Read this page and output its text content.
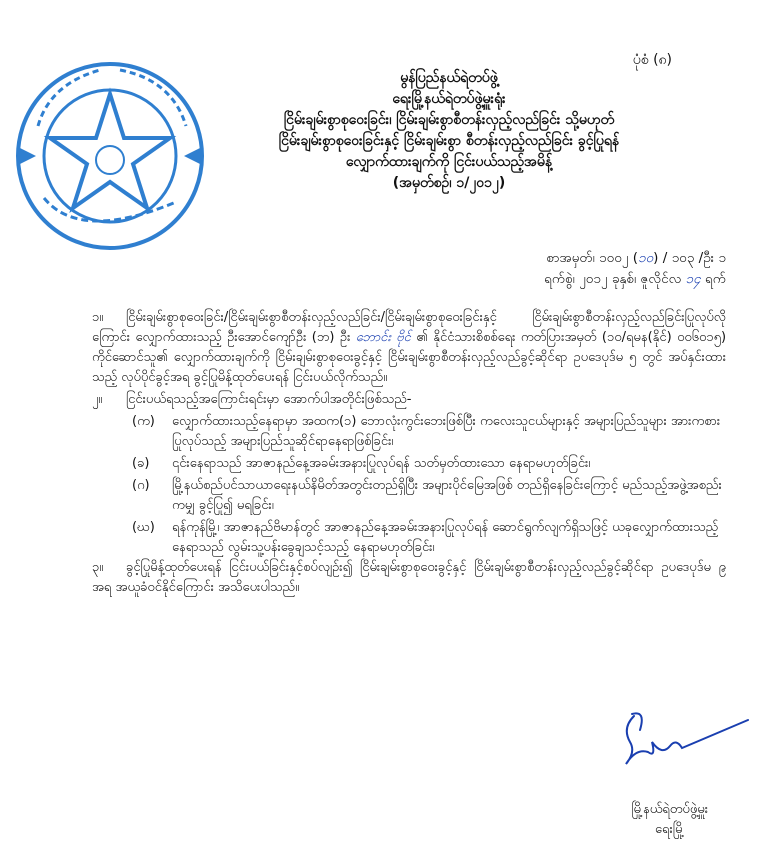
ပုံစံ (၈)
မွန်ပြည်နယ်ရဲတပ်ဖွဲ့
ရေးမြို့နယ်ရဲတပ်ဖွဲ့မှူးရုံး
ငြိမ်းချမ်းစွာစုဝေးခြင်း၊ ငြိမ်းချမ်းစွာစီတန်းလှည့်လည်ခြင်း သို့မဟုတ်
ငြိမ်းချမ်းစွာစုဝေးခြင်းနှင့် ငြိမ်းချမ်းစွာ စီတန်းလှည့်လည်ခြင်း ခွင့်ပြုရန်
လျှောက်ထားချက်ကို ငြင်းပယ်သည့်အမိန့်
(အမှတ်စဉ်၊ ၁/၂၀၁၂)
စာအမှတ်၊ ၁၀၀၂ (၁၀) / ၁၀၃ /ဦး ၁
ရက်စွဲ၊ ၂၀၁၂ ခုနှစ်၊ ဇူလိုင်လ ၁၄ ရက်

၁။ ငြိမ်းချမ်းစွာစုဝေးခြင်း/ငြိမ်းချမ်းစွာစီတန်းလှည့်လည်ခြင်း/ငြိမ်းချမ်းစွာစုဝေးခြင်းနှင့် ငြိမ်းချမ်းစွာစီတန်းလှည့်လည်ခြင်းပြုလုပ်လိုကြောင်း လျှောက်ထားသည့် ဦးအောင်ကျော်ဦး (ဘ) ဦး ဘောင်း ဗိုင် ၏ နိုင်ငံသားစိစစ်ရေး ကတ်ပြားအမှတ် (၁၀/ရမန(နိုင်) ၀၀၆၀၁၅) ကိုင်ဆောင်သူ၏ လျှောက်ထားချက်ကို ငြိမ်းချမ်းစွာစုဝေးခွင့်နှင့် ငြိမ်းချမ်းစွာစီတန်းလှည့်လည်ခွင့်ဆိုင်ရာ ဥပဒေပုဒ်မ ၅ တွင် အပ်နှင်းထားသည့် လုပ်ပိုင်ခွင့်အရ ခွင့်ပြုမိန့်ထုတ်ပေးရန် ငြင်းပယ်လိုက်သည်။

၂။ ငြင်းပယ်ရသည့်အကြောင်းရင်းမှာ အောက်ပါအတိုင်းဖြစ်သည်-

(က)	လျှောက်ထားသည့်နေရာမှာ အထက(၁) ဘောလုံးကွင်းဘေးဖြစ်ပြီး ကလေးသူငယ်များနှင့် အများပြည်သူများ အားကစားပြုလုပ်သည့် အများပြည်သူဆိုင်ရာနေရာဖြစ်ခြင်း၊
(ခ)	၎င်းနေရာသည် အာဇာနည်နေ့အခမ်းအနားပြုလုပ်ရန် သတ်မှတ်ထားသော နေရာမဟုတ်ခြင်း၊
(ဂ)	မြို့နယ်စည်ပင်သာယာရေးနယ်နိမိတ်အတွင်းတည်ရှိပြီး အများပိုင်မြေအဖြစ် တည်ရှိနေခြင်းကြောင့် မည်သည့်အဖွဲ့အစည်းကမျှ ခွင့်ပြု၍ မရခြင်း၊
(ဃ)	ရန်ကုန်မြို့၊ အာဇာနည်ဗိမာန်တွင် အာဇာနည်နေ့အခမ်းအနားပြုလုပ်ရန် ဆောင်ရွက်လျက်ရှိသဖြင့် ယခုလျှောက်ထားသည့်နေရာသည် လွမ်းသူ့ပန်းခွေချသင့်သည့် နေရာမဟုတ်ခြင်း၊

၃။ ခွင့်ပြုမိန့်ထုတ်ပေးရန် ငြင်းပယ်ခြင်းနှင့်စပ်လျဉ်း၍ ငြိမ်းချမ်းစွာစုဝေးခွင့်နှင့် ငြိမ်းချမ်းစွာစီတန်းလှည့်လည်ခွင့်ဆိုင်ရာ ဥပဒေပုဒ်မ ၉ အရ အယူခံဝင်နိုင်ကြောင်း အသိပေးပါသည်။

မြို့နယ်ရဲတပ်ဖွဲ့မှူး
ရေးမြို့
